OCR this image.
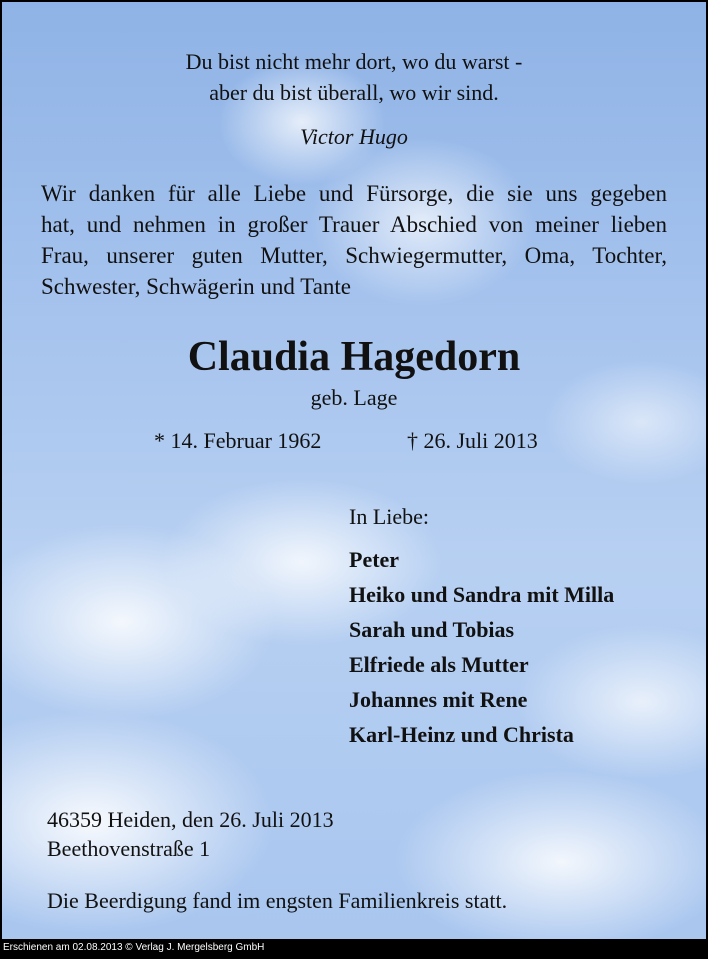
Du bist nicht mehr dort, wo du warst -

aber du bist überall, wo wir sind.

Victor Hugo

Wir danken für alle Liebe und Fürsorge, die sie uns gegeben
hat, und nehmen in großer Trauer Abschied von meiner lieben
Frau, unserer guten Mutter, Schwiegermutter, Oma, Tochter,
Schwester, Schwägerin und Tante

Claudia Hagedorn

geb. Lage

* 14. Februar 1962	† 26. Juli 2013

In Liebe:

Peter
Heiko und Sandra mit Milla
Sarah und Tobias
Elfriede als Mutter
Johannes mit Rene
Karl-Heinz und Christa
46359 Heiden, den 26. Juli 2013
Beethovenstraße 1

Die Beerdigung fand im engsten Familienkreis statt.

Erschienen am 02.08.2013 © Verlag J. Mergelsberg GmbH
